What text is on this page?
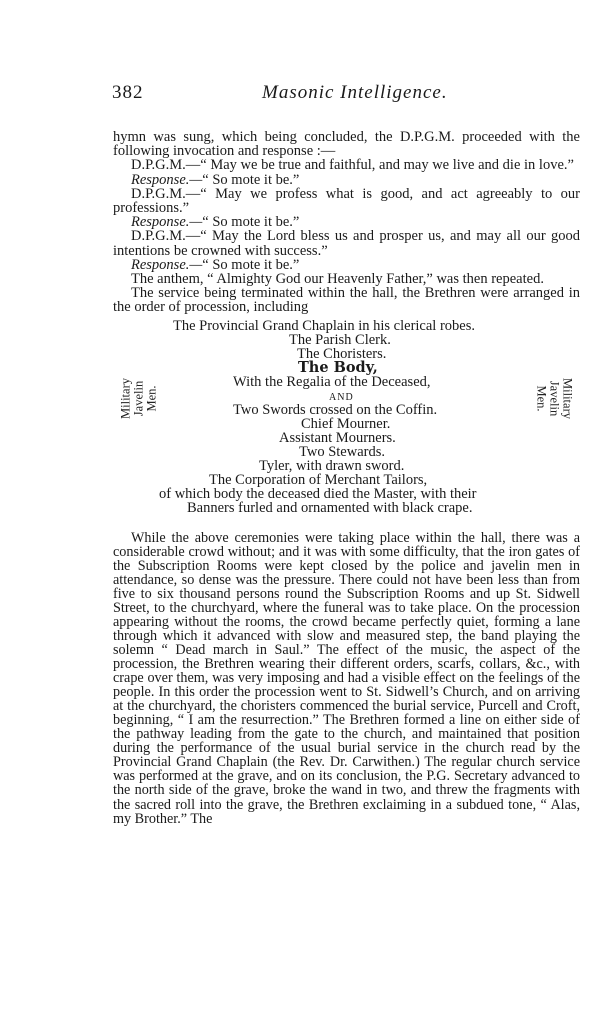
382	Masonic Intelligence.

hymn was sung, which being concluded, the D.P.G.M. proceeded with the following invocation and response :—

D.P.G.M.—“ May we be true and faithful, and may we live and die in love.”

Response.—“ So mote it be.”

D.P.G.M.—“ May we profess what is good, and act agreeably to our professions.”

Response.—“ So mote it be.”

D.P.G.M.—“ May the Lord bless us and prosper us, and may all our good intentions be crowned with success.”

Response.—“ So mote it be.”

The anthem, “ Almighty God our Heavenly Father,” was then repeated.

The service being terminated within the hall, the Brethren were arranged in the order of procession, including

The Provincial Grand Chaplain in his clerical robes.
The Parish Clerk.
The Choristers.
The Body,
With the Regalia of the Deceased,
AND
Two Swords crossed on the Coffin.
Chief Mourner.
Assistant Mourners.
Two Stewards.
Tyler, with drawn sword.
The Corporation of Merchant Tailors,
of which body the deceased died the Master, with their
Banners furled and ornamented with black crape.
Military Javelin Men.	Military
Javelin
Men.

While the above ceremonies were taking place within the hall, there was a considerable crowd without; and it was with some difficulty, that the iron gates of the Subscription Rooms were kept closed by the police and javelin men in attendance, so dense was the pressure. There could not have been less than from five to six thousand persons round the Subscription Rooms and up St. Sidwell Street, to the churchyard, where the funeral was to take place. On the procession appearing without the rooms, the crowd became perfectly quiet, forming a lane through which it advanced with slow and measured step, the band playing the solemn “ Dead march in Saul.” The effect of the music, the aspect of the procession, the Brethren wearing their different orders, scarfs, collars, &c., with crape over them, was very imposing and had a visible effect on the feelings of the people. In this order the procession went to St. Sidwell’s Church, and on arriving at the churchyard, the choristers commenced the burial service, Purcell and Croft, beginning, “ I am the resurrection.” The Brethren formed a line on either side of the pathway leading from the gate to the church, and maintained that position during the performance of the usual burial service in the church read by the Provincial Grand Chaplain (the Rev. Dr. Carwithen.) The regular church service was performed at the grave, and on its conclusion, the P.G. Secretary advanced to the north side of the grave, broke the wand in two, and threw the fragments with the sacred roll into the grave, the Brethren exclaiming in a subdued tone, “ Alas, my Brother.” The
